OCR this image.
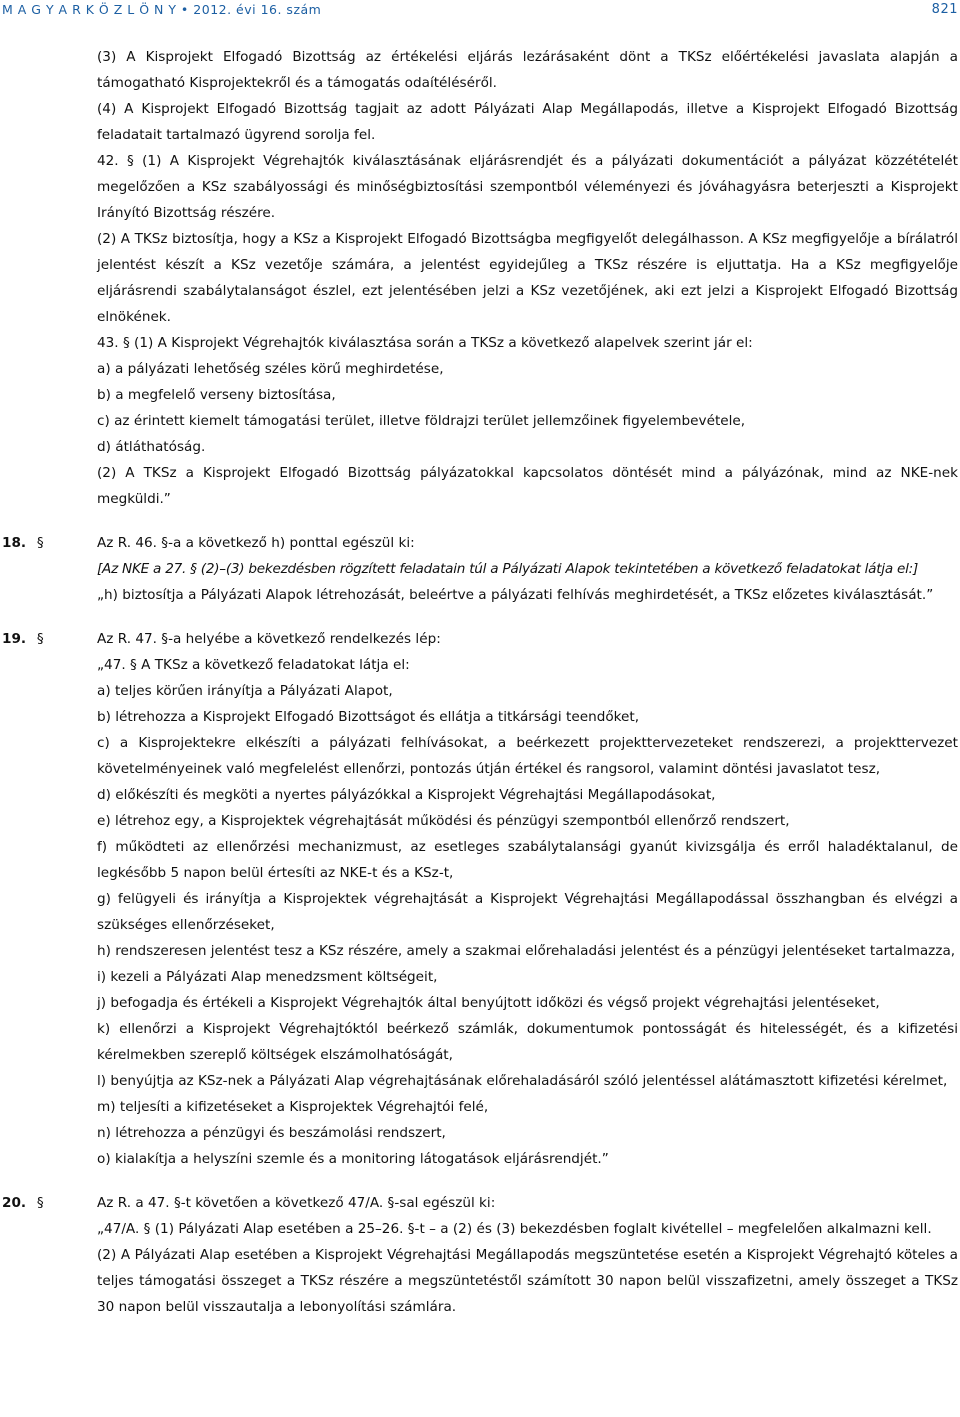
M A G Y A R K Ö Z L Ö N Y • 2012. évi 16. szám	821
(3) A Kisprojekt Elfogadó Bizottság az értékelési eljárás lezárásaként dönt a TKSz előértékelési javaslata alapján a támogatható Kisprojektekről és a támogatás odaítéléséről.
(4) A Kisprojekt Elfogadó Bizottság tagjait az adott Pályázati Alap Megállapodás, illetve a Kisprojekt Elfogadó Bizottság feladatait tartalmazó ügyrend sorolja fel.
42. § (1) A Kisprojekt Végrehajtók kiválasztásának eljárásrendjét és a pályázati dokumentációt a pályázat közzétételét megelőzően a KSz szabályossági és minőségbiztosítási szempontból véleményezi és jóváhagyásra beterjeszti a Kisprojekt Irányító Bizottság részére.
(2) A TKSz biztosítja, hogy a KSz a Kisprojekt Elfogadó Bizottságba megfigyelőt delegálhasson. A KSz megfigyelője a bírálatról jelentést készít a KSz vezetője számára, a jelentést egyidejűleg a TKSz részére is eljuttatja. Ha a KSz megfigyelője eljárásrendi szabálytalanságot észlel, ezt jelentésében jelzi a KSz vezetőjének, aki ezt jelzi a Kisprojekt Elfogadó Bizottság elnökének.
43. § (1) A Kisprojekt Végrehajtók kiválasztása során a TKSz a következő alapelvek szerint jár el:
a) a pályázati lehetőség széles körű meghirdetése,
b) a megfelelő verseny biztosítása,
c) az érintett kiemelt támogatási terület, illetve földrajzi terület jellemzőinek figyelembevétele,
d) átláthatóság.
(2) A TKSz a Kisprojekt Elfogadó Bizottság pályázatokkal kapcsolatos döntését mind a pályázónak, mind az NKE-nek megküldi.”
18. §	Az R. 46. §-a a következő h) ponttal egészül ki:
[Az NKE a 27. § (2)–(3) bekezdésben rögzített feladatain túl a Pályázati Alapok tekintetében a következő feladatokat látja el:]
„h) biztosítja a Pályázati Alapok létrehozását, beleértve a pályázati felhívás meghirdetését, a TKSz előzetes kiválasztását.”
19. §	Az R. 47. §-a helyébe a következő rendelkezés lép:
„47. § A TKSz a következő feladatokat látja el:
a) teljes körűen irányítja a Pályázati Alapot,
b) létrehozza a Kisprojekt Elfogadó Bizottságot és ellátja a titkársági teendőket,
c) a Kisprojektekre elkészíti a pályázati felhívásokat, a beérkezett projekttervezeteket rendszerezi, a projekttervezet követelményeinek való megfelelést ellenőrzi, pontozás útján értékel és rangsorol, valamint döntési javaslatot tesz,
d) előkészíti és megköti a nyertes pályázókkal a Kisprojekt Végrehajtási Megállapodásokat,
e) létrehoz egy, a Kisprojektek végrehajtását működési és pénzügyi szempontból ellenőrző rendszert,
f) működteti az ellenőrzési mechanizmust, az esetleges szabálytalansági gyanút kivizsgálja és erről haladéktalanul, de legkésőbb 5 napon belül értesíti az NKE-t és a KSz-t,
g) felügyeli és irányítja a Kisprojektek végrehajtását a Kisprojekt Végrehajtási Megállapodással összhangban és elvégzi a szükséges ellenőrzéseket,
h) rendszeresen jelentést tesz a KSz részére, amely a szakmai előrehaladási jelentést és a pénzügyi jelentéseket tartalmazza,
i) kezeli a Pályázati Alap menedzsment költségeit,
j) befogadja és értékeli a Kisprojekt Végrehajtók által benyújtott időközi és végső projekt végrehajtási jelentéseket,
k) ellenőrzi a Kisprojekt Végrehajtóktól beérkező számlák, dokumentumok pontosságát és hitelességét, és a kifizetési kérelmekben szereplő költségek elszámolhatóságát,
l) benyújtja az KSz-nek a Pályázati Alap végrehajtásának előrehaladásáról szóló jelentéssel alátámasztott kifizetési kérelmet,
m) teljesíti a kifizetéseket a Kisprojektek Végrehajtói felé,
n) létrehozza a pénzügyi és beszámolási rendszert,
o) kialakítja a helyszíni szemle és a monitoring látogatások eljárásrendjét.”
20. §	Az R. a 47. §-t követően a következő 47/A. §-sal egészül ki:
„47/A. § (1) Pályázati Alap esetében a 25–26. §-t – a (2) és (3) bekezdésben foglalt kivétellel – megfelelően alkalmazni kell.
(2) A Pályázati Alap esetében a Kisprojekt Végrehajtási Megállapodás megszüntetése esetén a Kisprojekt Végrehajtó köteles a teljes támogatási összeget a TKSz részére a megszüntetéstől számított 30 napon belül visszafizetni, amely összeget a TKSz 30 napon belül visszautalja a lebonyolítási számlára.
